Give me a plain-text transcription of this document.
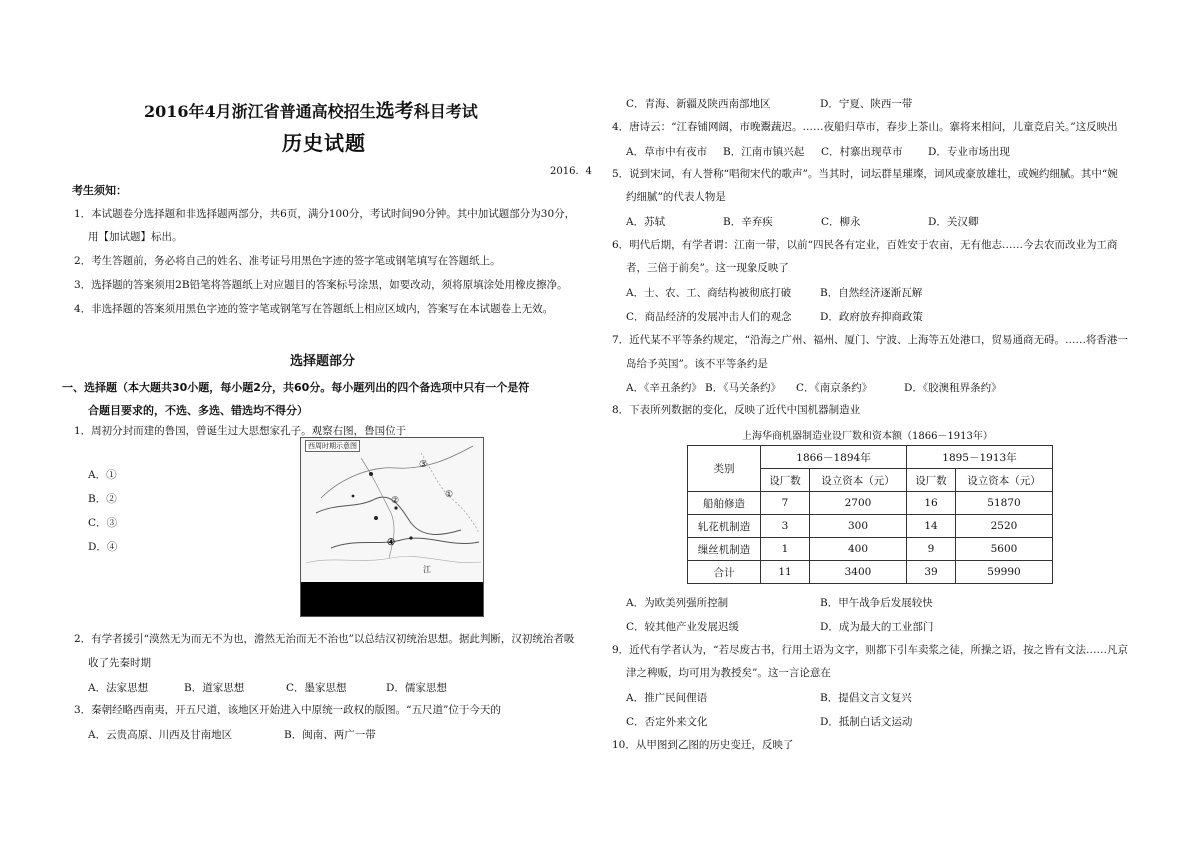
2016年4月浙江省普通高校招生选考科目考试
历史试题
2016．4
考生须知：
1．本试题卷分选择题和非选择题两部分，共6页，满分100分，考试时间90分钟。其中加试题部分为30分，
用【加试题】标出。
2．考生答题前，务必将自己的姓名、准考证号用黑色字迹的签字笔或钢笔填写在答题纸上。
3．选择题的答案须用2B铅笔将答题纸上对应题目的答案标号涂黑，如要改动，须将原填涂处用橡皮擦净。
4．非选择题的答案须用黑色字迹的签字笔或钢笔写在答题纸上相应区域内，答案写在本试题卷上无效。
选择题部分
一、选择题（本大题共30小题，每小题2分，共60分。每小题列出的四个备选项中只有一个是符
合题目要求的，不选、多选、错选均不得分）
1．周初分封而建的鲁国，曾诞生过大思想家孔子。观察右图，鲁国位于
A．①
B．②
C．③
D．④
西周时期示意图
③
①
②
④
江
2．有学者援引“漠然无为而无不为也，澹然无治而无不治也”以总结汉初统治思想。据此判断，汉初统治者吸
收了先秦时期
A．法家思想	B．道家思想	C．墨家思想	D．儒家思想
3．秦朝经略西南夷，开五尺道，该地区开始进入中原统一政权的版图。“五尺道”位于今天的
A．云贵高原、川西及甘南地区	B．闽南、两广一带
C．青海、新疆及陕西南部地区	D．宁夏、陕西一带
4．唐诗云：“江春铺网阔，市晚鬻蔬迟。……夜船归草市，春步上茶山。寨将来相问，儿童竞启关。”这反映出
A．草市中有夜市 B．江南市镇兴起 C．村寨出现草市 D．专业市场出现
5．说到宋词，有人誉称“唱彻宋代的歌声”。当其时，词坛群星璀璨，词风或豪放雄壮，或婉约细腻。其中“婉
约细腻”的代表人物是
A．苏轼	B．辛弃疾	C．柳永	D．关汉卿
6．明代后期，有学者谓：江南一带，以前“四民各有定业，百姓安于农亩，无有他志……今去农而改业为工商
者，三倍于前矣”。这一现象反映了
A．士、农、工、商结构被彻底打破	B．自然经济逐渐瓦解
C．商品经济的发展冲击人们的观念	D．政府放弃抑商政策
7．近代某不平等条约规定，“沿海之广州、福州、厦门、宁波、上海等五处港口，贸易通商无碍。……将香港一
岛给予英国”。该不平等条约是
A．《辛丑条约》 B．《马关条约》 C．《南京条约》	D．《胶澳租界条约》
8．下表所列数据的变化，反映了近代中国机器制造业
上海华商机器制造业设厂数和资本额（1866－1913年）
类别	1866－1894年		1895－1913年	
	设厂数	设立资本（元）	设厂数	设立资本（元）
船舶修造	7	2700	16	51870
轧花机制造	3	300	14	2520
缫丝机制造	1	400	9	5600
合计	11	3400	39	59990
A．为欧美列强所控制	B．甲午战争后发展较快
C．较其他产业发展迟缓	D．成为最大的工业部门
9．近代有学者认为，“若尽废古书，行用土语为文字，则都下引车卖浆之徒，所操之语，按之皆有文法……凡京
津之稗贩，均可用为教授矣”。这一言论意在
A．推广民间俚语	B．提倡文言文复兴
C．否定外来文化	D．抵制白话文运动
10．从甲图到乙图的历史变迁，反映了
